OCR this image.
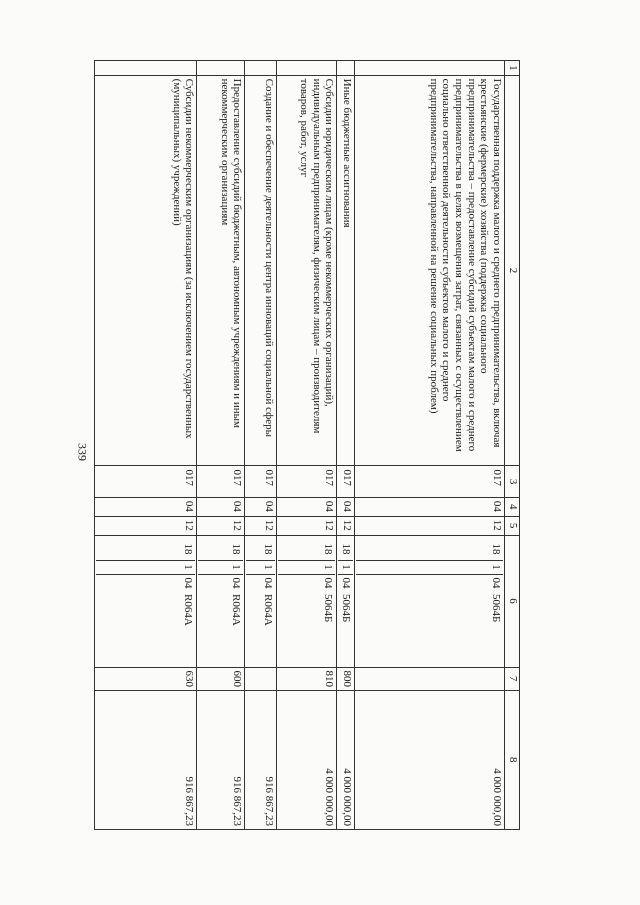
339
1	2	3	4	5	6	7	8
	Государственная поддержка малого и среднего предпринимательства, включая крестьянские (фермерские) хозяйства (поддержка социального предпринимательства – предоставление субсидий субъектам малого и среднего предпринимательства в целях возмещения затрат, связанных с осуществлением социально ответственной деятельности субъектов малого и среднего предпринимательства, направленной на решение социальных проблем)	017	04	12	18104  5064Б		4 000 000,00
	Иные бюджетные ассигнования	017	04	12	18104  5064Б	800	4 000 000,00
	Субсидии юридическим лицам (кроме некоммерческих организаций), индивидуальным предпринимателям, физическим лицам – производителям товаров, работ, услуг	017	04	12	18104  5064Б	810	4 000 000,00
	Создание и обеспечение деятельности центра инноваций социальной сферы	017	04	12	18104  R064A		916 867,23
	Предоставление субсидий бюджетным, автономным учреждениям и иным некоммерческим организациям	017	04	12	18104  R064A	600	916 867,23
	Субсидии некоммерческим организациям (за исключением государственных (муниципальных) учреждений)	017	04	12	18104  R064A	630	916 867,23
